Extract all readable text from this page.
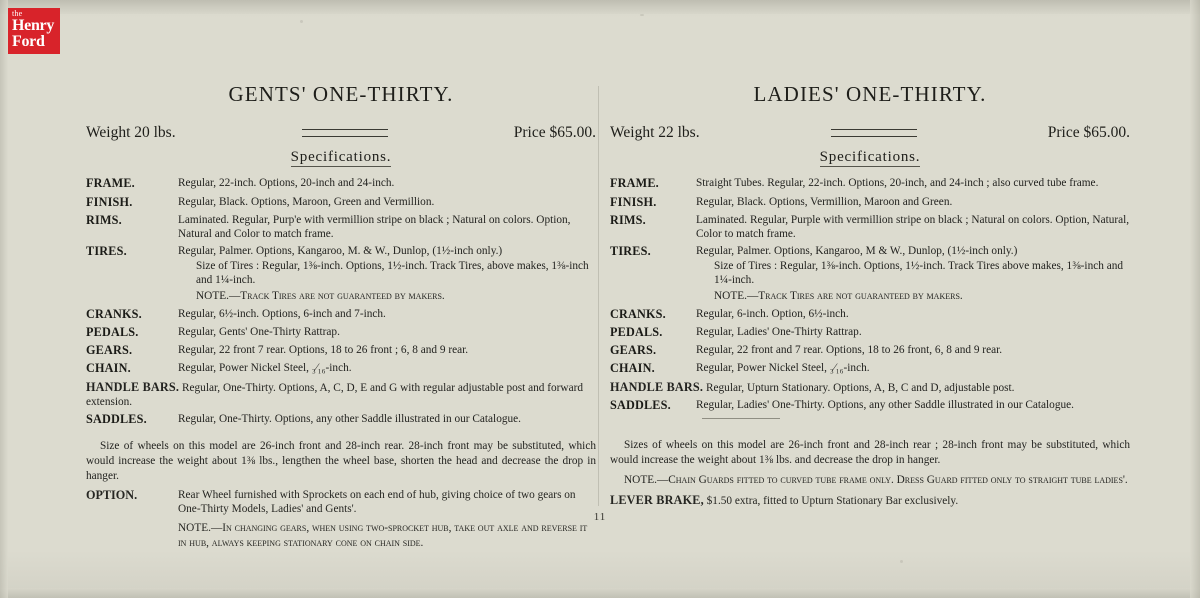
the
Henry
Ford
GENTS' ONE-THIRTY.
Weight 20 lbs.	Price $65.00.
Specifications.
FRAME.	Regular, 22-inch. Options, 20-inch and 24-inch.
FINISH.	Regular, Black. Options, Maroon, Green and Vermillion.
RIMS.	Laminated. Regular, Purp'e with vermillion stripe on black ; Natural on colors. Option, Natural and Color to match frame.
TIRES.	Regular, Palmer. Options, Kangaroo, M. & W., Dunlop, (1½-inch only.)
Size of Tires : Regular, 1⅜-inch. Options, 1½-inch. Track Tires, above makes, 1⅜-inch and 1¼-inch.
NOTE.—Track Tires are not guaranteed by makers.

CRANKS.	Regular, 6½-inch. Options, 6-inch and 7-inch.
PEDALS.	Regular, Gents' One-Thirty Rattrap.
GEARS.	Regular, 22 front 7 rear. Options, 18 to 26 front ; 6, 8 and 9 rear.
CHAIN.	Regular, Power Nickel Steel, ₃⁄₁₆-inch.
HANDLE BARS. Regular, One-Thirty. Options, A, C, D, E and G with regular adjustable post and forward extension.	
SADDLES.	Regular, One-Thirty. Options, any other Saddle illustrated in our Catalogue.
Size of wheels on this model are 26-inch front and 28-inch rear. 28-inch front may be substituted, which would increase the weight about 1⅜ lbs., lengthen the wheel base, shorten the head and decrease the drop in hanger.
OPTION.	Rear Wheel furnished with Sprockets on each end of hub, giving choice of two gears on One-Thirty Models, Ladies' and Gents'.
NOTE.—In changing gears, when using two-sprocket hub, take out axle and reverse it in hub, always keeping stationary cone on chain side.
LADIES' ONE-THIRTY.
Weight 22 lbs.	Price $65.00.
Specifications.
FRAME.	Straight Tubes. Regular, 22-inch. Options, 20-inch, and 24-inch ; also curved tube frame.
FINISH.	Regular, Black. Options, Vermillion, Maroon and Green.
RIMS.	Laminated. Regular, Purple with vermillion stripe on black ; Natural on colors. Option, Natural, Color to match frame.
TIRES.	Regular, Palmer. Options, Kangaroo, M & W., Dunlop, (1½-inch only.)
Size of Tires : Regular, 1⅜-inch. Options, 1½-inch. Track Tires above makes, 1⅜-inch and 1¼-inch.
NOTE.—Track Tires are not guaranteed by makers.

CRANKS.	Regular, 6-inch. Option, 6½-inch.
PEDALS.	Regular, Ladies' One-Thirty Rattrap.
GEARS.	Regular, 22 front and 7 rear. Options, 18 to 26 front, 6, 8 and 9 rear.
CHAIN.	Regular, Power Nickel Steel, ₃⁄₁₆-inch.
HANDLE BARS. Regular, Upturn Stationary. Options, A, B, C and D, adjustable post.	
SADDLES.	Regular, Ladies' One-Thirty. Options, any other Saddle illustrated in our Catalogue.
Sizes of wheels on this model are 26-inch front and 28-inch rear ; 28-inch front may be substituted, which would increase the weight about 1⅜ lbs. and decrease the drop in hanger.
NOTE.—Chain Guards fitted to curved tube frame only. Dress Guard fitted only to straight tube ladies'.
LEVER BRAKE, $1.50 extra, fitted to Upturn Stationary Bar exclusively.
11
